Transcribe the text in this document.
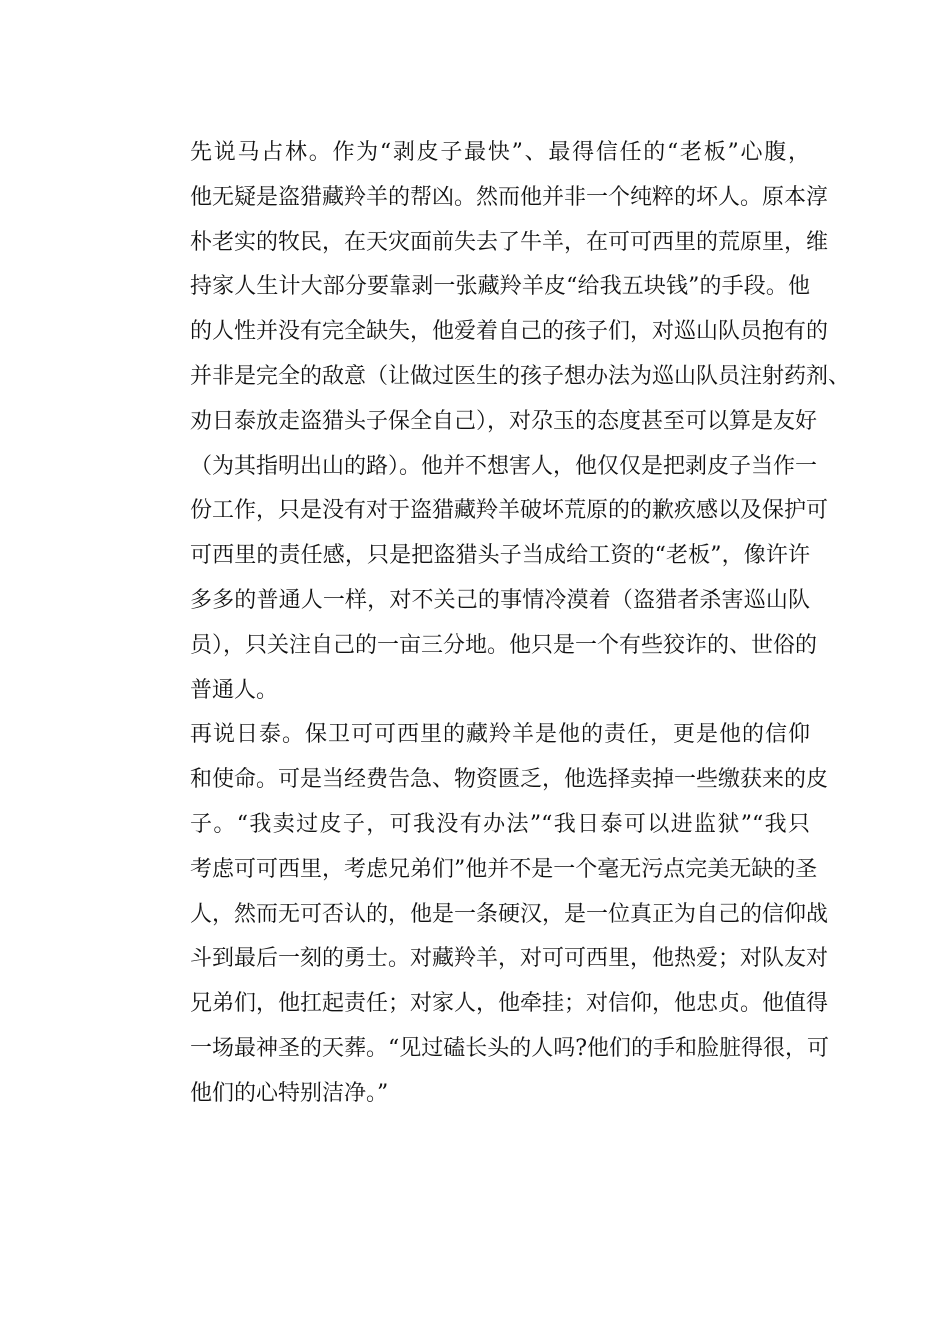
先说马占林。作为“剥皮子最快”、最得信任的“老板”心腹，
他无疑是盗猎藏羚羊的帮凶。然而他并非一个纯粹的坏人。原本淳
朴老实的牧民，在天灾面前失去了牛羊，在可可西里的荒原里，维
持家人生计大部分要靠剥一张藏羚羊皮“给我五块钱”的手段。他
的人性并没有完全缺失，他爱着自己的孩子们，对巡山队员抱有的
并非是完全的敌意（让做过医生的孩子想办法为巡山队员注射药剂、
劝日泰放走盗猎头子保全自己），对尕玉的态度甚至可以算是友好
（为其指明出山的路）。他并不想害人，他仅仅是把剥皮子当作一
份工作，只是没有对于盗猎藏羚羊破坏荒原的的歉疚感以及保护可
可西里的责任感，只是把盗猎头子当成给工资的“老板”，像许许
多多的普通人一样，对不关己的事情冷漠着（盗猎者杀害巡山队
员），只关注自己的一亩三分地。他只是一个有些狡诈的、世俗的
普通人。

再说日泰。保卫可可西里的藏羚羊是他的责任，更是他的信仰
和使命。可是当经费告急、物资匮乏，他选择卖掉一些缴获来的皮
子。“我卖过皮子，可我没有办法”“我日泰可以进监狱”“我只
考虑可可西里，考虑兄弟们”他并不是一个毫无污点完美无缺的圣
人，然而无可否认的，他是一条硬汉，是一位真正为自己的信仰战
斗到最后一刻的勇士。对藏羚羊，对可可西里，他热爱；对队友对
兄弟们，他扛起责任；对家人，他牵挂；对信仰，他忠贞。他值得
一场最神圣的天葬。“见过磕长头的人吗?他们的手和脸脏得很，可
他们的心特别洁净。”
